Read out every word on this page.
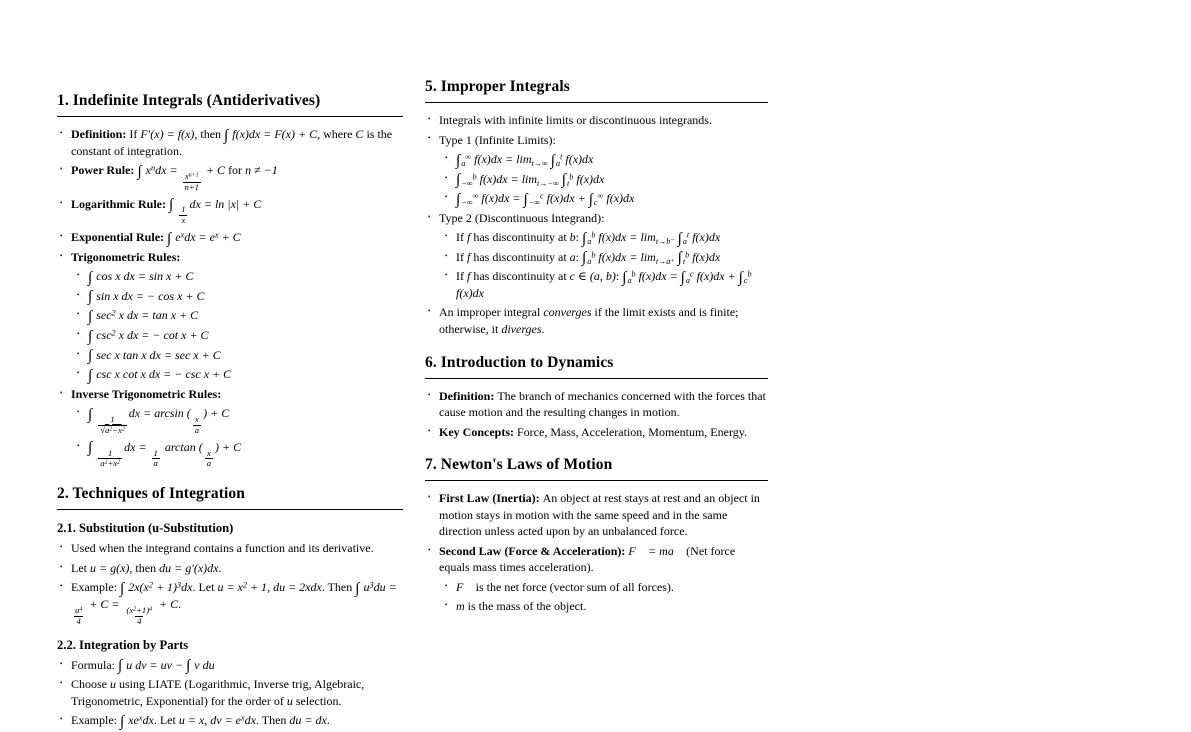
1. Indefinite Integrals (Antiderivatives)
• Definition: If F′(x) = f(x), then ∫ f(x)dx = F(x) + C, where C is the constant of integration.
• Power Rule: ∫ $x^ndx$ =
$\frac{x^{n+1}}{n+1}$
+ C for n ≠ −1
• Logarithmic Rule: ∫
$\frac{1}{x}$
dx = ln |x| + C
• Exponential Rule: ∫ $e^xdx = e^x + C$
• Trigonometric Rules:
• ∫ cos x dx = sin x + C
• ∫ sin x dx = − cos x + C
• ∫ $\sec^2 x$ dx = tan x + C
• ∫ $\csc^2 x$ dx = − cot x + C
• ∫ sec x tan x dx = sec x + C
• ∫ csc x cot x dx = − csc x + C
• Inverse Trigonometric Rules:
• ∫
$\frac{1}{√a^2-x^2}$
dx = arcsin (
$\frac{x}{a}$
) + C
• ∫
$\frac{1}{a^2+x^2}$
dx =
$\frac{1}{a}$
arctan (
$\frac{x}{a}$
) + C
2. Techniques of Integration
2.1. Substitution (u-Substitution)
• Used when the integrand contains a function and its derivative.
• Let u = g(x), then du = g′(x)dx.
• Example: ∫ $2x(x^2 + 1)^3dx$. Let $u = x^2 + 1$, du = 2xdx. Then ∫ $u^3du$ =
$\frac{u^4}{4}$
+ C =
$\frac{(x^2+1)^4}{4}$
+ C.
2.2. Integration by Parts
• Formula: ∫ u dv = uv − ∫ v du
• Choose u using LIATE (Logarithmic, Inverse trig, Algebraic, Trigonometric, Exponential) for the order of u selection.
• Example: ∫ $xe^xdx$. Let u = x, dv = $e^xdx$. Then du = dx.
5. Improper Integrals
• Integrals with infinite limits or discontinuous integrands.
• Type 1 (Infinite Limits):
• $\int_a^\infty$ $f(x)dx = \lim_{t\to\infty} \int_a^t$ f(x)dx
• $\int_{-\infty}^b$ $f(x)dx = \lim_{t\to-\infty} \int_t^b$ f(x)dx
• $\int_{-\infty}^\infty$ $f(x)dx = \int_{-\infty}^c$ $f(x)dx + \int_c^\infty$ f(x)dx
• Type 2 (Discontinuous Integrand):
• If f has discontinuity at b: $\int_a^b$ $f(x)dx = \lim_{t\to b^-} \int_a^t$ f(x)dx
• If f has discontinuity at a: $\int_a^b$ $f(x)dx = \lim_{t\to a^+} \int_t^b$ f(x)dx
• If f has discontinuity at c ∈ (a, b): $\int_a^b$ $f(x)dx = \int_a^c$ $f(x)dx + \int_c^b$ f(x)dx
• An improper integral converges if the limit exists and is finite; otherwise, it diverges.
6. Introduction to Dynamics
• Definition: The branch of mechanics concerned with the forces that cause motion and the resulting changes in motion.
• Key Concepts: Force, Mass, Acceleration, Momentum, Energy.
7. Newton's Laws of Motion
• First Law (Inertia): An object at rest stays at rest and an object in motion stays in motion with the same speed and in the same direction unless acted upon by an unbalanced force.
• Second Law (Force & Acceleration): F⃗ = ma⃗ (Net force equals mass times acceleration).
• F⃗ is the net force (vector sum of all forces).
• m is the mass of the object.
